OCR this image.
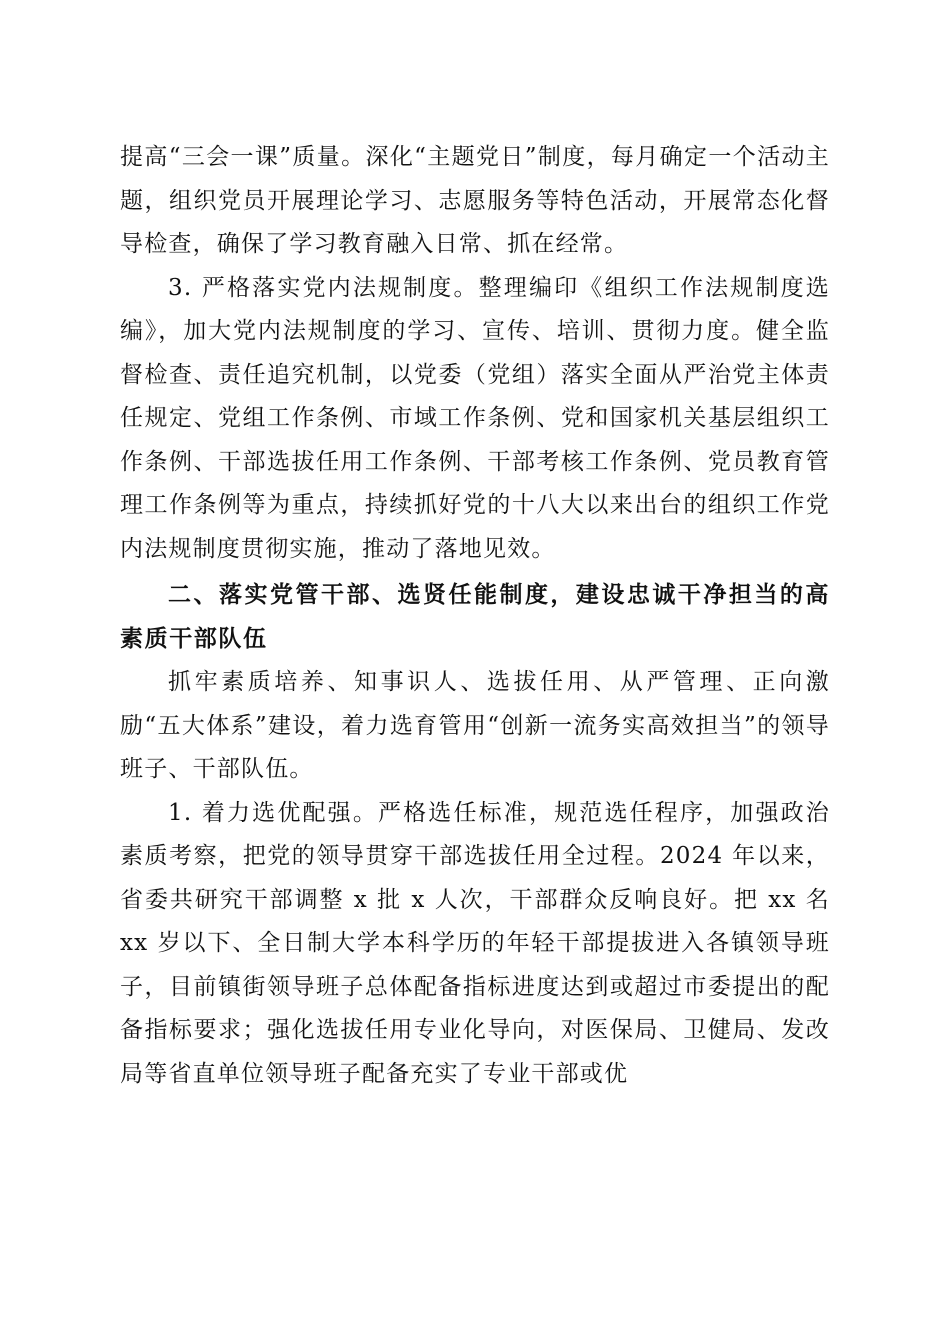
提高“三会一课”质量。深化“主题党日”制度，每月确定一个活动主题，组织党员开展理论学习、志愿服务等特色活动，开展常态化督导检查，确保了学习教育融入日常、抓在经常。

3. 严格落实党内法规制度。整理编印《组织工作法规制度选编》，加大党内法规制度的学习、宣传、培训、贯彻力度。健全监督检查、责任追究机制，以党委（党组）落实全面从严治党主体责任规定、党组工作条例、市域工作条例、党和国家机关基层组织工作条例、干部选拔任用工作条例、干部考核工作条例、党员教育管理工作条例等为重点，持续抓好党的十八大以来出台的组织工作党内法规制度贯彻实施，推动了落地见效。

二、落实党管干部、选贤任能制度，建设忠诚干净担当的高素质干部队伍

抓牢素质培养、知事识人、选拔任用、从严管理、正向激励“五大体系”建设，着力选育管用“创新一流务实高效担当”的领导班子、干部队伍。

1. 着力选优配强。严格选任标准，规范选任程序，加强政治素质考察，把党的领导贯穿干部选拔任用全过程。2024 年以来，省委共研究干部调整 x 批 x 人次，干部群众反响良好。把 xx 名 xx 岁以下、全日制大学本科学历的年轻干部提拔进入各镇领导班子，目前镇街领导班子总体配备指标进度达到或超过市委提出的配备指标要求；强化选拔任用专业化导向，对医保局、卫健局、发改局等省直单位领导班子配备充实了专业干部或优
